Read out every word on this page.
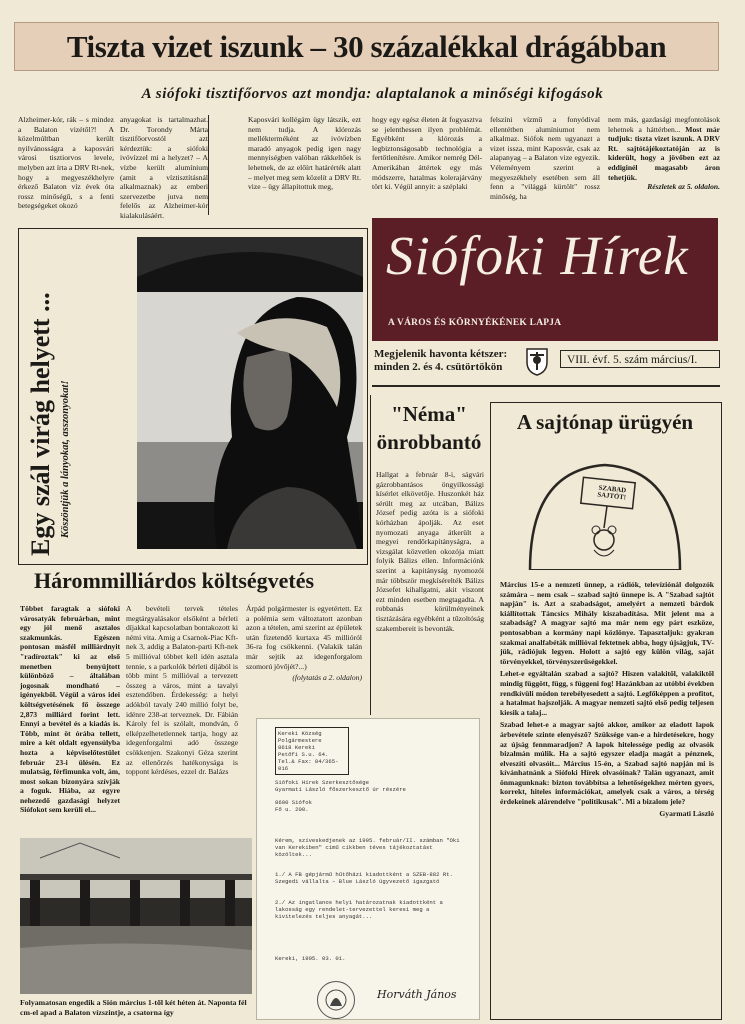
Tiszta vizet iszunk – 30 százalékkal drágábban
A siófoki tisztifőorvos azt mondja: alaptalanok a minőségi kifogások
Alzheimer-kór, rák – s mindez a Balaton vizétől?! A közelmúltban került nyilvánosságra a kaposvári városi tisztiorvos levele, melyben azt írta a DRV Rt-nek, hogy a megyeszékhelyre érkező Balaton víz évek óta rossz minőségű, s a fenti betegségeket okozó
anyagokat is tartalmazhat. Dr. Torondy Márta tisztifőorvostól azt kérdeztük: a siófoki ivóvízzel mi a helyzet? – A vízbe került alumínium (amit a víztisztításnál alkalmaznak) az emberi szervezetbe jutva nem felelős az Alzheimer-kór kialakulásáért.
Kaposvári kollégám ügy látszik, ezt nem tudja. A klórozás mellékterméként az ivóvízben maradó anyagok pedig igen nagy mennyiségben valóban rákkeltőek is lehetnek, de az előírt határérték alatt – melyet meg sem közelít a DRV Rt. vize – ügy állapítottuk meg,
hogy egy egész életen át fogyasztva se jelenthessen ilyen problémát. Egyébként a klórozás a legbiztonságosabb technológia a fertőtlenítésre. Amikor nemrég Dél-Amerikában áttértek egy más módszerre, hatalmas kolerajárvány tört ki. Végül annyit: a széplaki
felszíni vízmű a fonyódival ellentétben alumíniumot nem alkalmaz. Siófok nem ugyanazt a vizet issza, mint Kaposvár, csak az alapanyag – a Balaton vize egyezik. Véleményem szerint a megyeszékhely esetében sem áll fenn a "világgá kürtölt" rossz minőség, ha
nem más, gazdasági megfontolások lehetnek a háttérben... Most már tudjuk: tiszta vizet iszunk. A DRV Rt. sajtótájékoztatóján az is kiderült, hogy a jövőben ezt az eddiginél magasabb áron tehetjük.
Részletek az 5. oldalon.
Siófoki Hírek
A VÁROS ÉS KÖRNYÉKÉNEK LAPJA
Megjelenik havonta kétszer: minden 2. és 4. csütörtökön
VIII. évf. 5. szám március/I.
Egy szál virág helyett ... Köszöntjük a lányokat, asszonyokat!
Hárommilliárdos költségvetés
Többet faragtak a siófoki városatyák februárban, mint egy jól menő asztalos szakmunkás. Egészen pontosan másfél milliárdnyit "radíroztak" ki az első menetben benyújtott különböző – általában jogosnak mondható – igényekből. Végül a város idei költségvetésének fő összege 2,873 milliárd forint lett. Ennyi a bevétel és a kiadás is. Több, mint öt órába tellett, mire a két oldalt egyensúlyba hozta a képviselőtestület február 23-i ülésén. Ez mulatság, férfimunka volt, ám, most sokan bizonyára szívják a foguk. Hiába, az egyre nehezedő gazdasági helyzet Siófokot sem kerüli el...
A bevételi tervek tételes megtárgyalásakor elsőként a bérleti díjakkal kapcsolatban bontakozott ki némi vita. Amig a Csarnok-Piac Kft-nek 3, addig a Balaton-parti Kft-nek 5 millióval többet kell idén asztala tennie, s a parkolók bérleti díjából is több mint 5 millióval a tervezett összeg a város, mint a tavalyi esztendőben. Érdekesség: a helyi adókból tavaly 240 millió folyt be, idénre 238-at terveznek. Dr. Fábián Károly fel is szólalt, mondván, ő elképzelhetetlennek tartja, hogy az idegenforgalmi adó összege csökkenjen. Szakonyi Géza szerint az ellenőrzés hatékonysága is toppont kérdéses, ezzel dr. Balázs
Árpád polgármester is egyetértett. Ez a polémia sem változtatott azonban azon a tételen, ami szerint az épületek után fizetendő kurtaxa 45 millióról 36-ra fog csökkenni. (Valakik talán már sejtik az idegenforgalom szomorú jövőjét?...)
(folytatás a 2. oldalon)
Kereki Község
Polgármestere
8618 Kereki
Petőfi S.u. 64.
Tel.& Fax: 84/365-016
Siófoki Hírek Szerkesztősége
Gyarmati László főszerkesztő úr részére
8600 Siófok
Fő u. 200.
Kérem, szíveskedjenek az 1995. február/II. számban "Oki van Kerekiben" című cikkben téves tájékoztatást közöltek...
1./ A FB gépjármű hűtőházi kiadottként a SZEB-882 Rt. Szegedi vállalta – Blue László ügyvezető igazgató
2./ Az ingatlanos helyi határozatnak kiadottként a lakosság egy rendelet-tervezettel keresi meg a kivitelezés teljes anyagát...
Kereki, 1995. 03. 01.
Horváth János
Folyamatosan engedik a Sión március 1-től két héten át. Naponta fél cm-el apad a Balaton vízszintje, a csatorna így
"Néma"
önrobbantó
Hallgat a február 8-i, ságvári gázrobbantásos öngyilkossági kísérlet elkövetője. Huszonkét ház sérült meg az utcában, Bálizs József pedig azóta is a siófoki kórházban ápolják. Az eset nyomozati anyaga átkerült a megyei rendőrkapitányságra, a vizsgálat közvetlen okozója miatt folyik Bálizs ellen. Információnk szerint a kapitányság nyomozói már többször megkísérelték Bálizs Józsefet kihallgatni, akit viszont ezt minden esetben megtagadta. A robbanás körülményeinek tisztázására egyébként a tűzoltóság szakembereit is bevonták.
A sajtónap ürügyén
SZABAD SAJTÓT!
Március 15-e a nemzeti ünnep, a rádiók, televíziónál dolgozók számára – nem csak – szabad sajtó ünnepe is. A "Szabad sajtót napján" is. Azt a szabadságot, amelyért a nemzeti bárdok kiállítottak Táncsics Mihály kiszabadítása. Mit jelent ma a szabadság? A magyar sajtó ma már nem egy párt eszköze, pontosabban a kormány napi közlönye. Tapasztaljuk: gyakran szakmai analfabéták millióval fektetnek abba, hogy újságjuk, TV-jük, rádiójuk legyen. Holott a sajtó egy külön világ, saját törvényekkel, törvényszerűségekkel.

Lehet-e egyáltalán szabad a sajtó? Hiszen valakitől, valakiktől mindig függött, függ, s függeni fog! Hazánkban az utóbbi években rendkívüli módon terebélyesedett a sajtó. Legfőképpen a profitot, a hatalmat hajszolják. A magyar nemzeti sajtó első pedig teljesen kiesik a talaj...
Szabad lehet-e a magyar sajtó akkor, amikor az eladott lapok árbevétele szinte elenyésző? Szüksége van-e a hirdetésekre, hogy az újság fennmaradjon? A lapok hitelessége pedig az olvasók bizalmán múlik. Ha a sajtó egyszer eladja magát a pénznek, elveszíti olvasóit... Március 15-én, a Szabad sajtó napján mi is kívánhatnánk a Siófoki Hírek olvasóinak? Talán ugyanazt, amit önmagunknak: bizton továbbítsa a lehetőségekhez mérten gyors, korrekt, hiteles információkat, amelyek csak a város, a térség érdekeinek alárendelve "politikusak". Mi a bizalom jele?
Gyarmati László
